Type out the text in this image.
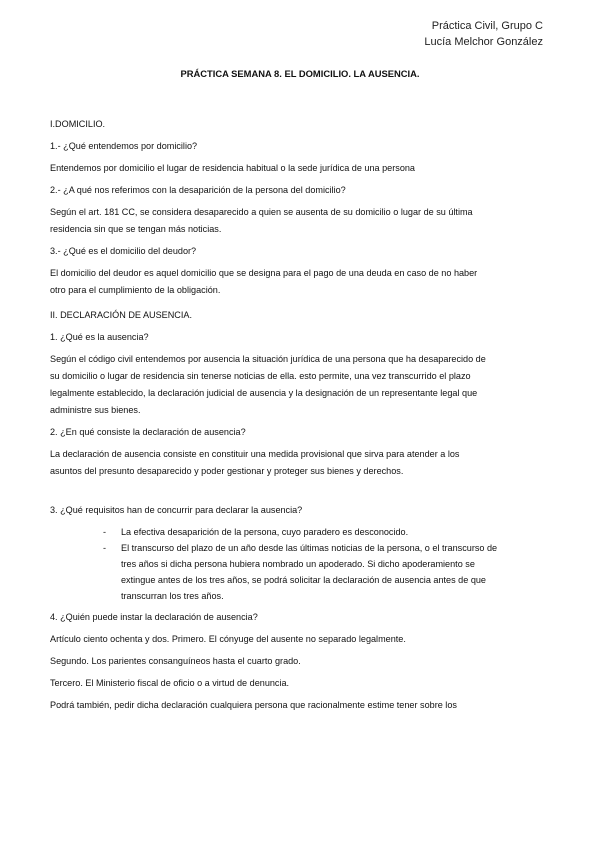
Práctica Civil, Grupo C
Lucía Melchor González
PRÁCTICA SEMANA 8. EL DOMICILIO. LA AUSENCIA.

I.DOMICILIO.

1.- ¿Qué entendemos por domicilio?

Entendemos por domicilio el lugar de residencia habitual o la sede jurídica de una persona

2.- ¿A qué nos referimos con la desaparición de la persona del domicilio?

Según el art. 181 CC, se considera desaparecido a quien se ausenta de su domicilio o lugar de su última

residencia sin que se tengan más noticias.

3.- ¿Qué es el domicilio del deudor?

El domicilio del deudor es aquel domicilio que se designa para el pago de una deuda en caso de no haber

otro para el cumplimiento de la obligación.

II. DECLARACIÓN DE AUSENCIA.

1. ¿Qué es la ausencia?

Según el código civil entendemos por ausencia la situación jurídica de una persona que ha desaparecido de

su domicilio o lugar de residencia sin tenerse noticias de ella. esto permite, una vez transcurrido el plazo

legalmente establecido, la declaración judicial de ausencia y la designación de un representante legal que

administre sus bienes.

2. ¿En qué consiste la declaración de ausencia?

La declaración de ausencia consiste en constituir una medida provisional que sirva para atender a los

asuntos del presunto desaparecido y poder gestionar y proteger sus bienes y derechos.

3. ¿Qué requisitos han de concurrir para declarar la ausencia?

- La efectiva desaparición de la persona, cuyo paradero es desconocido.
- El transcurso del plazo de un año desde las últimas noticias de la persona, o el transcurso de
tres años si dicha persona hubiera nombrado un apoderado. Si dicho apoderamiento se
extingue antes de los tres años, se podrá solicitar la declaración de ausencia antes de que
transcurran los tres años.

4. ¿Quién puede instar la declaración de ausencia?

Artículo ciento ochenta y dos. Primero. El cónyuge del ausente no separado legalmente.

Segundo. Los parientes consanguíneos hasta el cuarto grado.

Tercero. El Ministerio fiscal de oficio o a virtud de denuncia.

Podrá también, pedir dicha declaración cualquiera persona que racionalmente estime tener sobre los
